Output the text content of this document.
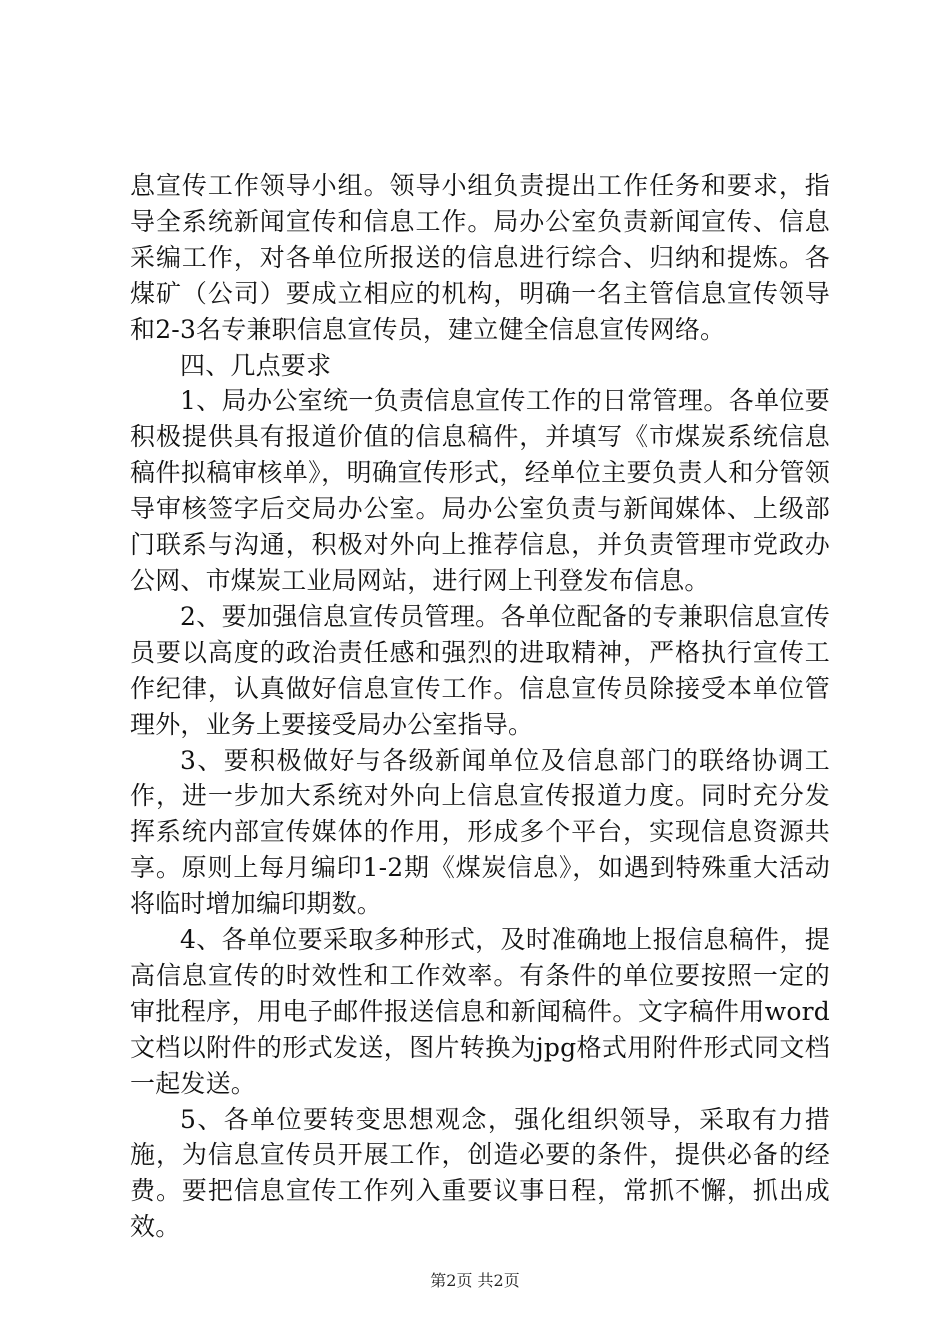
息宣传工作领导小组。领导小组负责提出工作任务和要求，指导全系统新闻宣传和信息工作。局办公室负责新闻宣传、信息采编工作，对各单位所报送的信息进行综合、归纳和提炼。各煤矿（公司）要成立相应的机构，明确一名主管信息宣传领导和2-3名专兼职信息宣传员，建立健全信息宣传网络。

四、几点要求

1、局办公室统一负责信息宣传工作的日常管理。各单位要积极提供具有报道价值的信息稿件，并填写《市煤炭系统信息稿件拟稿审核单》，明确宣传形式，经单位主要负责人和分管领导审核签字后交局办公室。局办公室负责与新闻媒体、上级部门联系与沟通，积极对外向上推荐信息，并负责管理市党政办公网、市煤炭工业局网站，进行网上刊登发布信息。

2、要加强信息宣传员管理。各单位配备的专兼职信息宣传员要以高度的政治责任感和强烈的进取精神，严格执行宣传工作纪律，认真做好信息宣传工作。信息宣传员除接受本单位管理外，业务上要接受局办公室指导。

3、要积极做好与各级新闻单位及信息部门的联络协调工作，进一步加大系统对外向上信息宣传报道力度。同时充分发挥系统内部宣传媒体的作用，形成多个平台，实现信息资源共享。原则上每月编印1-2期《煤炭信息》，如遇到特殊重大活动将临时增加编印期数。

4、各单位要采取多种形式，及时准确地上报信息稿件，提高信息宣传的时效性和工作效率。有条件的单位要按照一定的审批程序，用电子邮件报送信息和新闻稿件。文字稿件用word文档以附件的形式发送，图片转换为jpg格式用附件形式同文档一起发送。

5、各单位要转变思想观念，强化组织领导，采取有力措施，为信息宣传员开展工作，创造必要的条件，提供必备的经费。要把信息宣传工作列入重要议事日程，常抓不懈，抓出成效。

第2页 共2页
